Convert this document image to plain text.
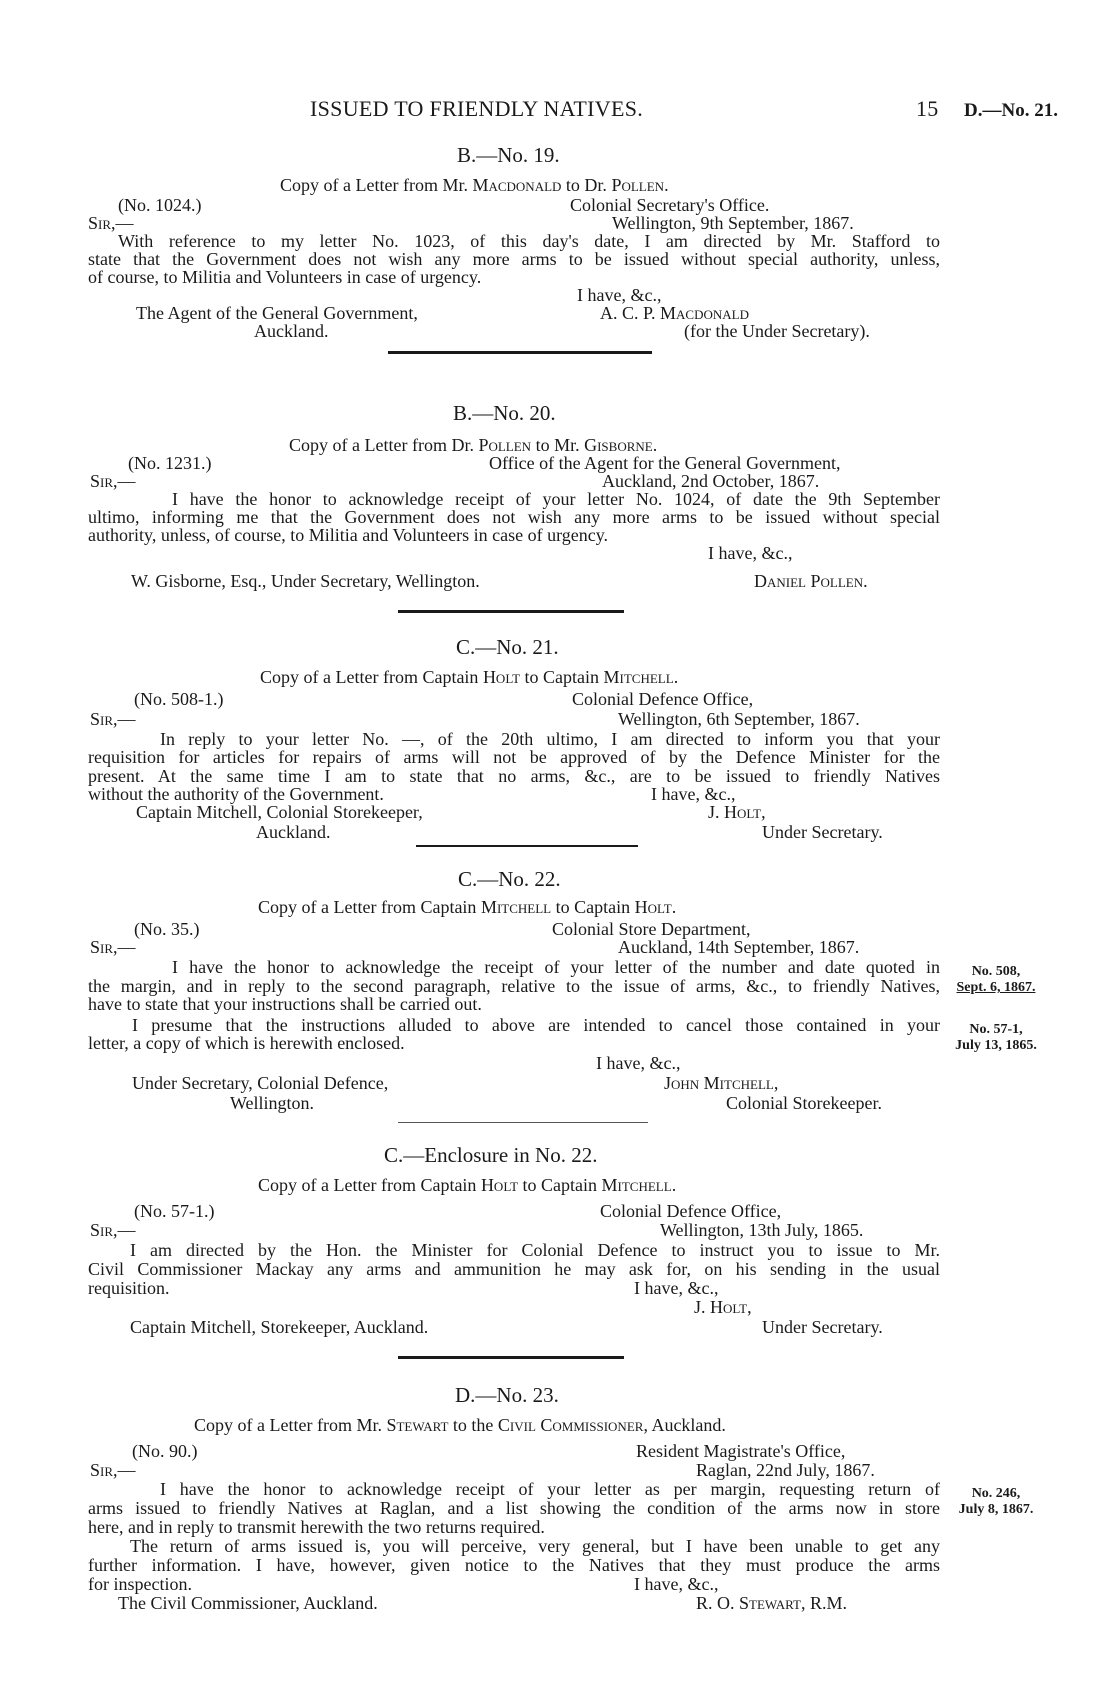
ISSUED TO FRIENDLY NATIVES.	15 D.—No. 21.
B.—No. 19.
Copy of a Letter from Mr. Macdonald to Dr. Pollen.
(No. 1024.)	Colonial Secretary's Office.
Sir,—	Wellington, 9th September, 1867.
With reference to my letter No. 1023, of this day's date, I am directed by Mr. Stafford to
state that the Government does not wish any more arms to be issued without special authority, unless,
of course, to Militia and Volunteers in case of urgency.
I have, &c.,
The Agent of the General Government,	A. C. P. Macdonald
Auckland.	(for the Under Secretary).
B.—No. 20.
Copy of a Letter from Dr. Pollen to Mr. Gisborne.
(No. 1231.)	Office of the Agent for the General Government,
Sir,—	Auckland, 2nd October, 1867.
I have the honor to acknowledge receipt of your letter No. 1024, of date the 9th September
ultimo, informing me that the Government does not wish any more arms to be issued without special
authority, unless, of course, to Militia and Volunteers in case of urgency.
I have, &c.,
W. Gisborne, Esq., Under Secretary, Wellington.	Daniel Pollen.
C.—No. 21.
Copy of a Letter from Captain Holt to Captain Mitchell.
(No. 508-1.)	Colonial Defence Office,
Sir,—	Wellington, 6th September, 1867.
In reply to your letter No. —, of the 20th ultimo, I am directed to inform you that your
requisition for articles for repairs of arms will not be approved of by the Defence Minister for the
present. At the same time I am to state that no arms, &c., are to be issued to friendly Natives
without the authority of the Government.	I have, &c.,
Captain Mitchell, Colonial Storekeeper,	J. Holt,
Auckland.	Under Secretary.
C.—No. 22.
Copy of a Letter from Captain Mitchell to Captain Holt.
(No. 35.)	Colonial Store Department,
Sir,—	Auckland, 14th September, 1867.
I have the honor to acknowledge the receipt of your letter of the number and date quoted in
the margin, and in reply to the second paragraph, relative to the issue of arms, &c., to friendly Natives,
have to state that your instructions shall be carried out.
I presume that the instructions alluded to above are intended to cancel those contained in your
letter, a copy of which is herewith enclosed.
No. 508,
Sept. 6, 1867.
No. 57-1,
July 13, 1865.
I have, &c.,
Under Secretary, Colonial Defence,	John Mitchell,
Wellington.	Colonial Storekeeper.
C.—Enclosure in No. 22.
Copy of a Letter from Captain Holt to Captain Mitchell.
(No. 57-1.)	Colonial Defence Office,
Sir,—	Wellington, 13th July, 1865.
I am directed by the Hon. the Minister for Colonial Defence to instruct you to issue to Mr.
Civil Commissioner Mackay any arms and ammunition he may ask for, on his sending in the usual
requisition.	I have, &c.,
J. Holt,
Captain Mitchell, Storekeeper, Auckland.	Under Secretary.
D.—No. 23.
Copy of a Letter from Mr. Stewart to the Civil Commissioner, Auckland.
(No. 90.)	Resident Magistrate's Office,
Sir,—	Raglan, 22nd July, 1867.
I have the honor to acknowledge receipt of your letter as per margin, requesting return of
arms issued to friendly Natives at Raglan, and a list showing the condition of the arms now in store
here, and in reply to transmit herewith the two returns required.
The return of arms issued is, you will perceive, very general, but I have been unable to get any
further information. I have, however, given notice to the Natives that they must produce the arms
for inspection.
No. 246,
July 8, 1867.
I have, &c.,
The Civil Commissioner, Auckland.	R. O. Stewart, R.M.
